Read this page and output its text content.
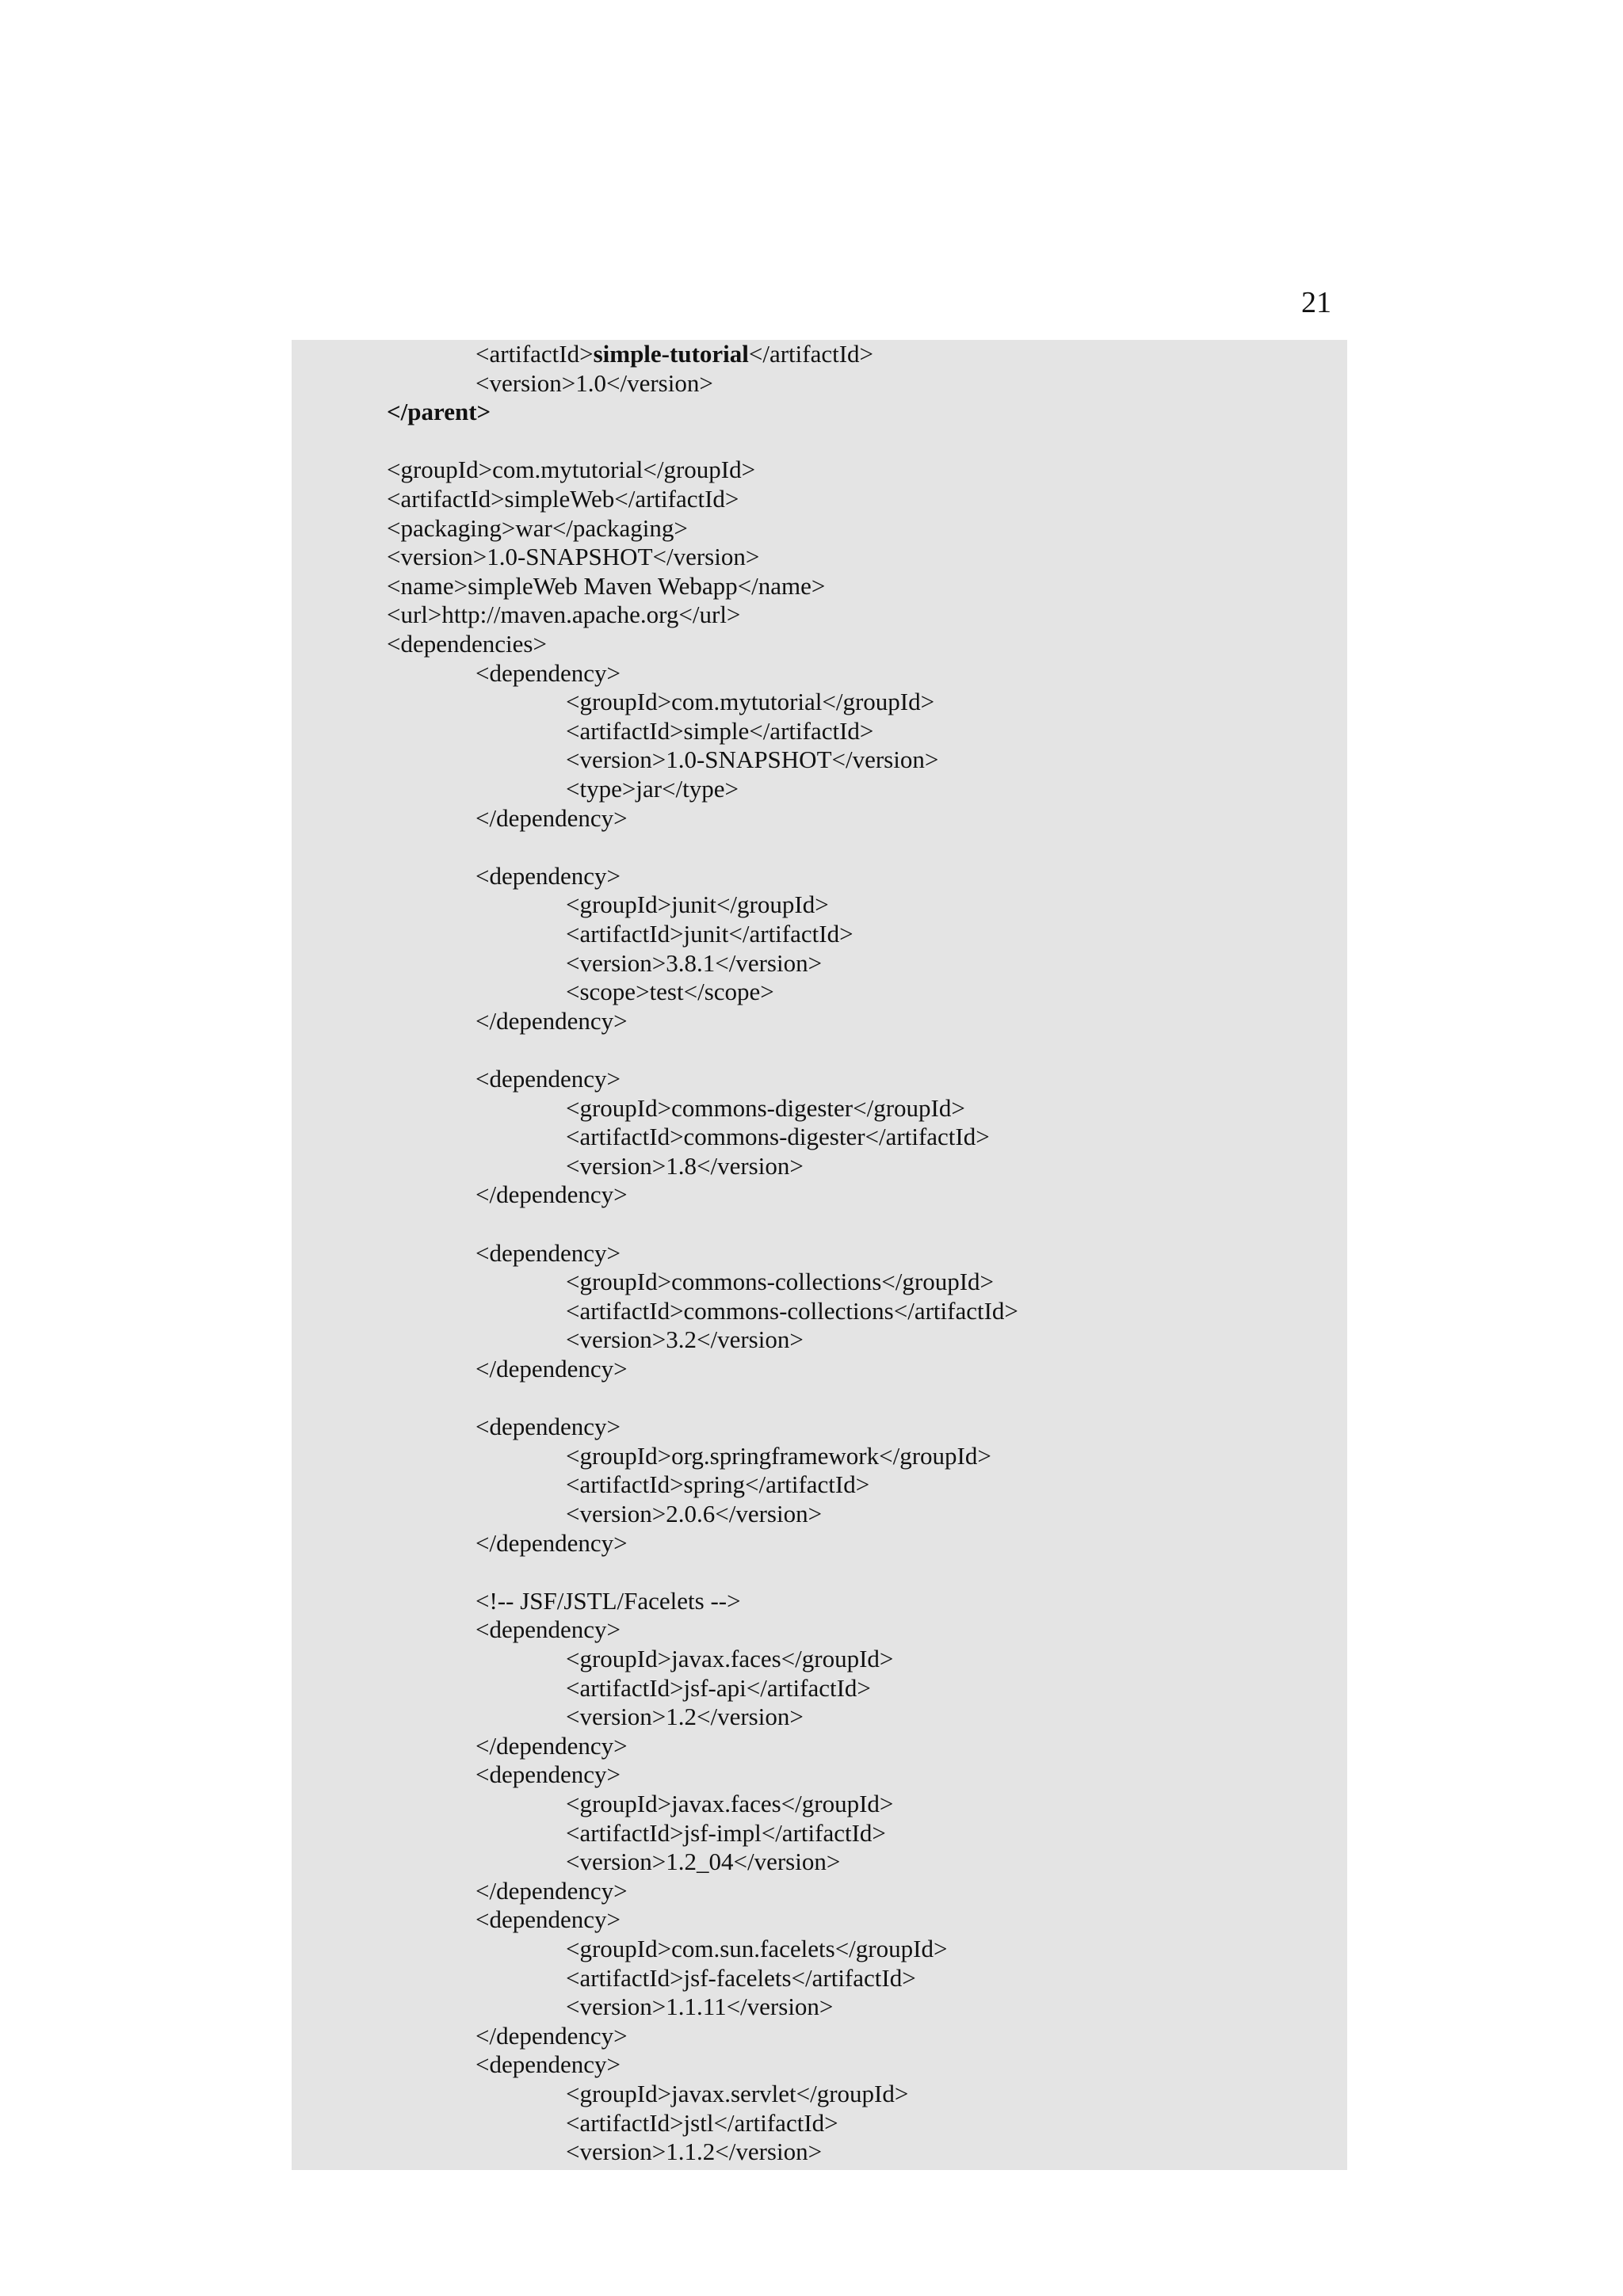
21
<artifactId>simple-tutorial</artifactId>
<version>1.0</version>
</parent>
<groupId>com.mytutorial</groupId>
<artifactId>simpleWeb</artifactId>
<packaging>war</packaging>
<version>1.0-SNAPSHOT</version>
<name>simpleWeb Maven Webapp</name>
<url>http://maven.apache.org</url>
<dependencies>
<dependency>
<groupId>com.mytutorial</groupId>
<artifactId>simple</artifactId>
<version>1.0-SNAPSHOT</version>
<type>jar</type>
</dependency>
<dependency>
<groupId>junit</groupId>
<artifactId>junit</artifactId>
<version>3.8.1</version>
<scope>test</scope>
</dependency>
<dependency>
<groupId>commons-digester</groupId>
<artifactId>commons-digester</artifactId>
<version>1.8</version>
</dependency>
<dependency>
<groupId>commons-collections</groupId>
<artifactId>commons-collections</artifactId>
<version>3.2</version>
</dependency>
<dependency>
<groupId>org.springframework</groupId>
<artifactId>spring</artifactId>
<version>2.0.6</version>
</dependency>
<!-- JSF/JSTL/Facelets -->
<dependency>
<groupId>javax.faces</groupId>
<artifactId>jsf-api</artifactId>
<version>1.2</version>
</dependency>
<dependency>
<groupId>javax.faces</groupId>
<artifactId>jsf-impl</artifactId>
<version>1.2_04</version>
</dependency>
<dependency>
<groupId>com.sun.facelets</groupId>
<artifactId>jsf-facelets</artifactId>
<version>1.1.11</version>
</dependency>
<dependency>
<groupId>javax.servlet</groupId>
<artifactId>jstl</artifactId>
<version>1.1.2</version>
